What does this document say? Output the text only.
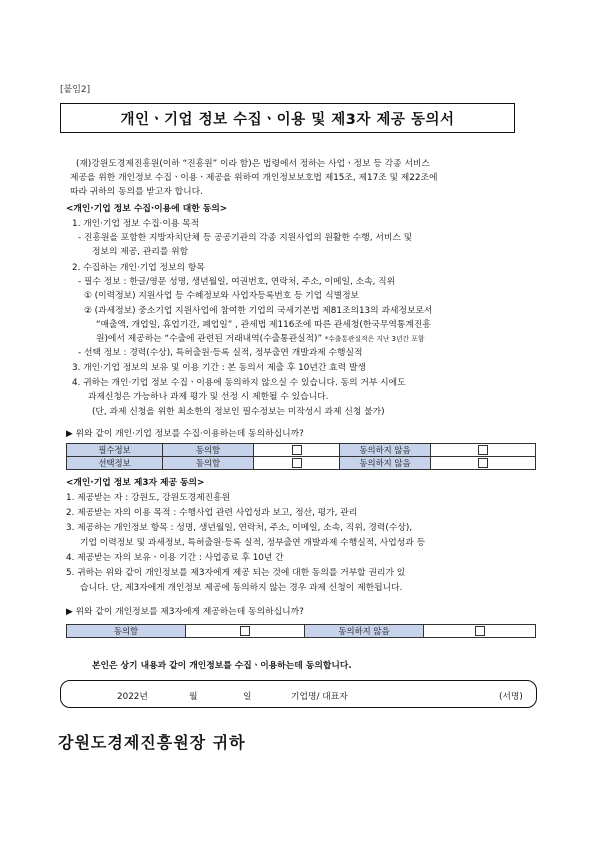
[붙임2]
개인ㆍ기업 정보 수집ㆍ이용 및 제3자 제공 동의서
(재)강원도경제진흥원(이하 “진흥원” 이라 함)은 법령에서 정하는 사업ㆍ정보 등 각종 서비스
제공을 위한 개인정보 수집ㆍ이용ㆍ제공을 위하여 개인정보보호법 제15조, 제17조 및 제22조에
따라 귀하의 동의를 받고자 합니다.
<개인·기업 정보 수집·이용에 대한 동의>
1. 개인·기업 정보 수집·이용 목적
- 진흥원을 포함한 지방자치단체 등 공공기관의 각종 지원사업의 원활한 수행, 서비스 및
정보의 제공, 관리를 위함
2. 수집하는 개인·기업 정보의 항목
- 필수 정보 : 한글/영문 성명, 생년월일, 여권번호, 연락처, 주소, 이메일, 소속, 직위
① (이력정보) 지원사업 등 수혜정보와 사업자등록번호 등 기업 식별정보
② (과세정보) 중소기업 지원사업에 참여한 기업의 국세기본법 제81조의13의 과세정보로서
“매출액, 개업일, 휴업기간, 폐업일” , 관세법 제116조에 따른 관세청(한국무역통계진흥
원)에서 제공하는 “수출에 관련된 거래내역(수출통관실적)” *수출통관실적은 지난 3년간 포함
- 선택 정보 : 경력(수상), 특허출원·등록 실적, 정부출연 개발과제 수행실적
3. 개인·기업 정보의 보유 및 이용 기간 : 본 동의서 제출 후 10년간 효력 발생
4. 귀하는 개인·기업 정보 수집ㆍ이용에 동의하지 않으실 수 있습니다. 동의 거부 시에도
과제신청은 가능하나 과제 평가 및 선정 시 제한될 수 있습니다.
(단, 과제 신청을 위한 최소한의 정보인 필수정보는 미작성시 과제 신청 불가)
▶ 위와 같이 개인·기업 정보를 수집·이용하는데 동의하십니까?
필수정보	동의함		동의하지 않음	
선택정보	동의함		동의하지 않음	
<개인·기업 정보 제3자 제공 동의>
1. 제공받는 자 : 강원도, 강원도경제진흥원
2. 제공받는 자의 이용 목적 : 수행사업 관련 사업성과 보고, 정산, 평가, 관리
3. 제공하는 개인정보 항목 : 성명, 생년월일, 연락처, 주소, 이메일, 소속, 직위, 경력(수상),
기업 이력정보 및 과세정보, 특허출원·등록 실적, 정부출연 개발과제 수행실적, 사업성과 등
4. 제공받는 자의 보유ㆍ이용 기간 : 사업종료 후 10년 간
5. 귀하는 위와 같이 개인정보를 제3자에게 제공 되는 것에 대한 동의를 거부할 권리가 있
습니다. 단, 제3자에게 개인정보 제공에 동의하지 않는 경우 과제 신청이 제한됩니다.
▶ 위와 같이 개인정보를 제3자에게 제공하는데 동의하십니까?
동의함		동의하지 않음	
본인은 상기 내용과 같이 개인정보를 수집ㆍ이용하는데 동의합니다.
2022년	월	일	기업명/ 대표자	(서명)
강원도경제진흥원장 귀하
